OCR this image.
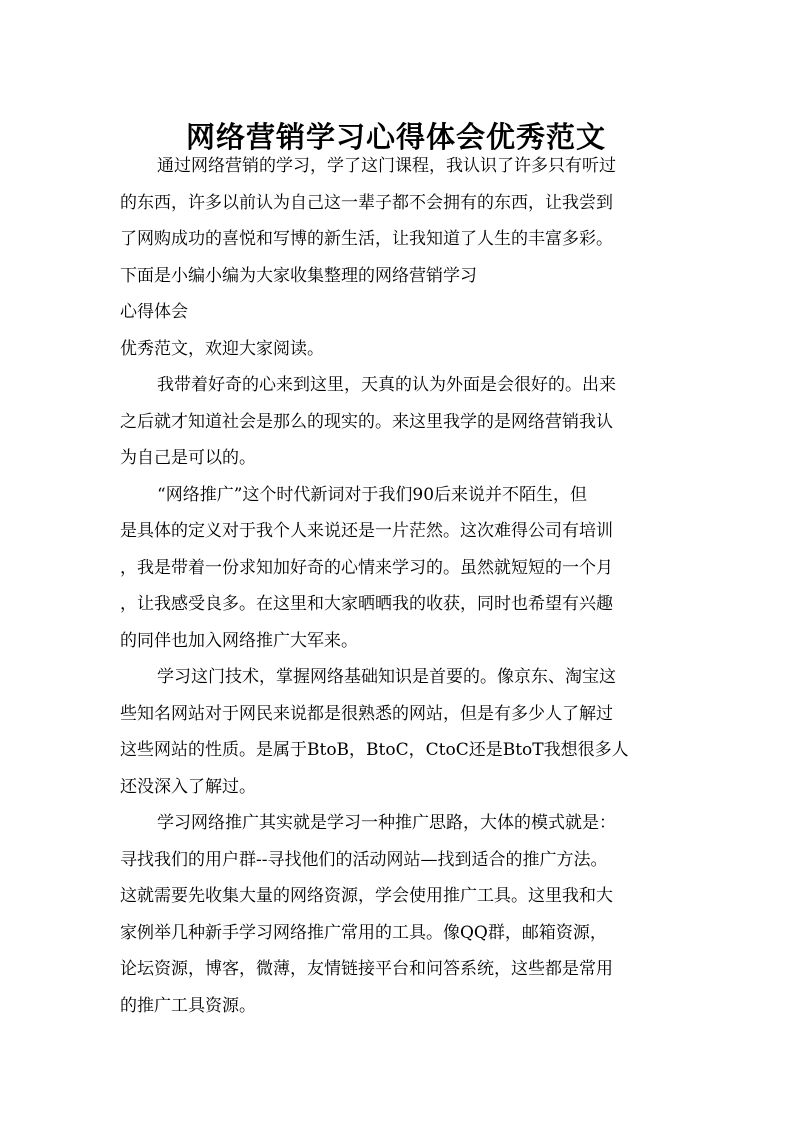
网络营销学习心得体会优秀范文
通过网络营销的学习，学了这门课程，我认识了许多只有听过
的东西，许多以前认为自己这一辈子都不会拥有的东西，让我尝到
了网购成功的喜悦和写博的新生活，让我知道了人生的丰富多彩。
下面是小编小编为大家收集整理的网络营销学习
心得体会
优秀范文，欢迎大家阅读。
我带着好奇的心来到这里，天真的认为外面是会很好的。出来
之后就才知道社会是那么的现实的。来这里我学的是网络营销我认
为自己是可以的。
“网络推广”这个时代新词对于我们90后来说并不陌生，但
是具体的定义对于我个人来说还是一片茫然。这次难得公司有培训
，我是带着一份求知加好奇的心情来学习的。虽然就短短的一个月
，让我感受良多。在这里和大家晒晒我的收获，同时也希望有兴趣
的同伴也加入网络推广大军来。
学习这门技术，掌握网络基础知识是首要的。像京东、淘宝这
些知名网站对于网民来说都是很熟悉的网站，但是有多少人了解过
这些网站的性质。是属于BtoB，BtoC，CtoC还是BtoT我想很多人
还没深入了解过。
学习网络推广其实就是学习一种推广思路，大体的模式就是：
寻找我们的用户群--寻找他们的活动网站—找到适合的推广方法。
这就需要先收集大量的网络资源，学会使用推广工具。这里我和大
家例举几种新手学习网络推广常用的工具。像QQ群，邮箱资源，
论坛资源，博客，微薄，友情链接平台和问答系统，这些都是常用
的推广工具资源。
